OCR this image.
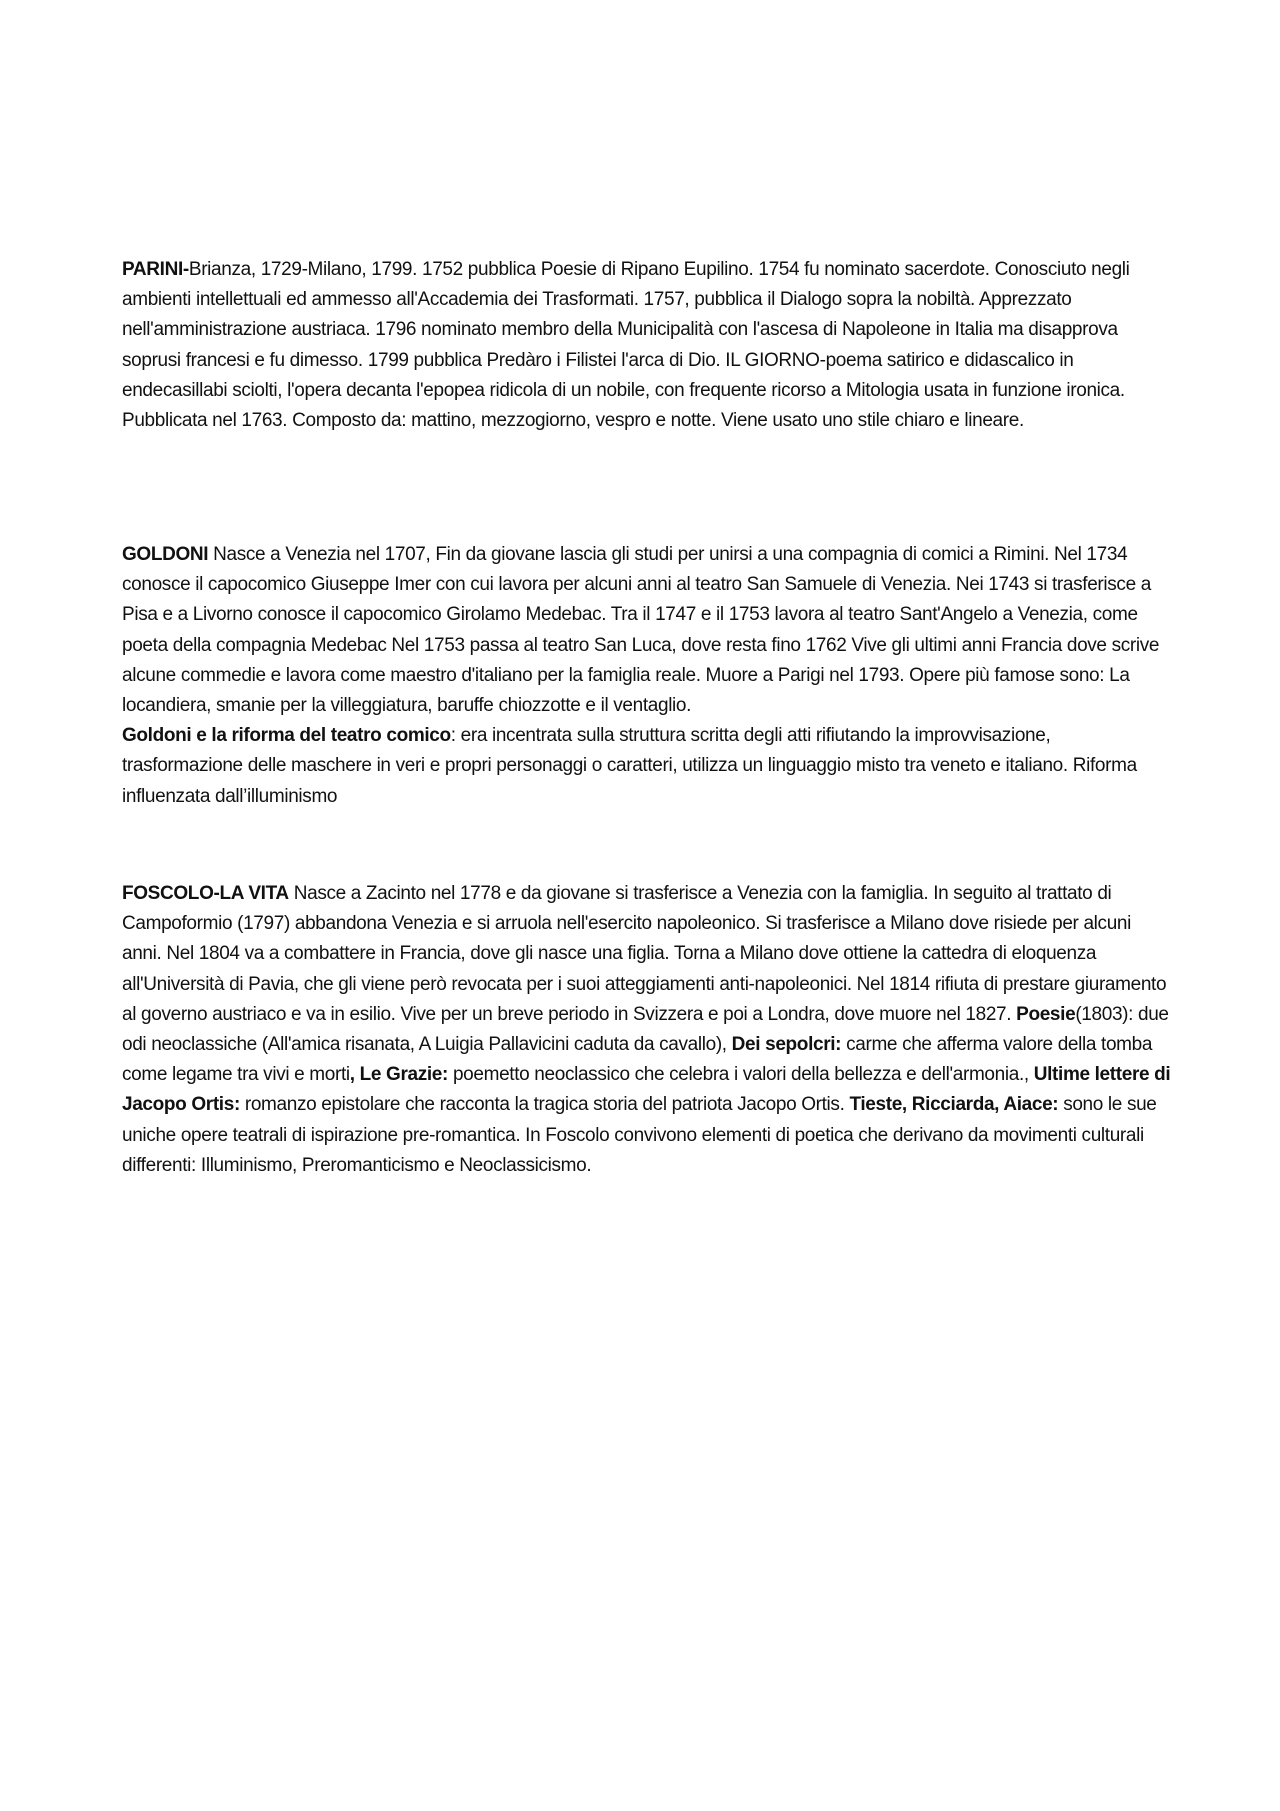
PARINI-Brianza, 1729-Milano, 1799. 1752 pubblica Poesie di Ripano Eupilino. 1754 fu nominato sacerdote. Conosciuto negli ambienti intellettuali ed ammesso all'Accademia dei Trasformati. 1757, pubblica il Dialogo sopra la nobiltà. Apprezzato nell'amministrazione austriaca. 1796 nominato membro della Municipalità con l'ascesa di Napoleone in Italia ma disapprova soprusi francesi e fu dimesso. 1799 pubblica Predàro i Filistei l'arca di Dio. IL GIORNO-poema satirico e didascalico in endecasillabi sciolti, l'opera decanta l'epopea ridicola di un nobile, con frequente ricorso a Mitologia usata in funzione ironica. Pubblicata nel 1763. Composto da: mattino, mezzogiorno, vespro e notte. Viene usato uno stile chiaro e lineare.

GOLDONI Nasce a Venezia nel 1707, Fin da giovane lascia gli studi per unirsi a una compagnia di comici a Rimini. Nel 1734 conosce il capocomico Giuseppe Imer con cui lavora per alcuni anni al teatro San Samuele di Venezia. Nei 1743 si trasferisce a Pisa e a Livorno conosce il capocomico Girolamo Medebac. Tra il 1747 e il 1753 lavora al teatro Sant'Angelo a Venezia, come poeta della compagnia Medebac Nel 1753 passa al teatro San Luca, dove resta fino 1762 Vive gli ultimi anni Francia dove scrive alcune commedie e lavora come maestro d'italiano per la famiglia reale. Muore a Parigi nel 1793. Opere più famose sono: La locandiera, smanie per la villeggiatura, baruffe chiozzotte e il ventaglio.
Goldoni e la riforma del teatro comico: era incentrata sulla struttura scritta degli atti rifiutando la improvvisazione, trasformazione delle maschere in veri e propri personaggi o caratteri, utilizza un linguaggio misto tra veneto e italiano. Riforma influenzata dall’illuminismo

FOSCOLO-LA VITA Nasce a Zacinto nel 1778 e da giovane si trasferisce a Venezia con la famiglia. In seguito al trattato di Campoformio (1797) abbandona Venezia e si arruola nell'esercito napoleonico. Si trasferisce a Milano dove risiede per alcuni anni. Nel 1804 va a combattere in Francia, dove gli nasce una figlia. Torna a Milano dove ottiene la cattedra di eloquenza all'Università di Pavia, che gli viene però revocata per i suoi atteggiamenti anti-napoleonici. Nel 1814 rifiuta di prestare giuramento al governo austriaco e va in esilio. Vive per un breve periodo in Svizzera e poi a Londra, dove muore nel 1827. Poesie(1803): due odi neoclassiche (All'amica risanata, A Luigia Pallavicini caduta da cavallo), Dei sepolcri: carme che afferma valore della tomba come legame tra vivi e morti, Le Grazie: poemetto neoclassico che celebra i valori della bellezza e dell'armonia., Ultime lettere di Jacopo Ortis: romanzo epistolare che racconta la tragica storia del patriota Jacopo Ortis. Tieste, Ricciarda, Aiace: sono le sue uniche opere teatrali di ispirazione pre-romantica. In Foscolo convivono elementi di poetica che derivano da movimenti culturali differenti: Illuminismo, Preromanticismo e Neoclassicismo.
